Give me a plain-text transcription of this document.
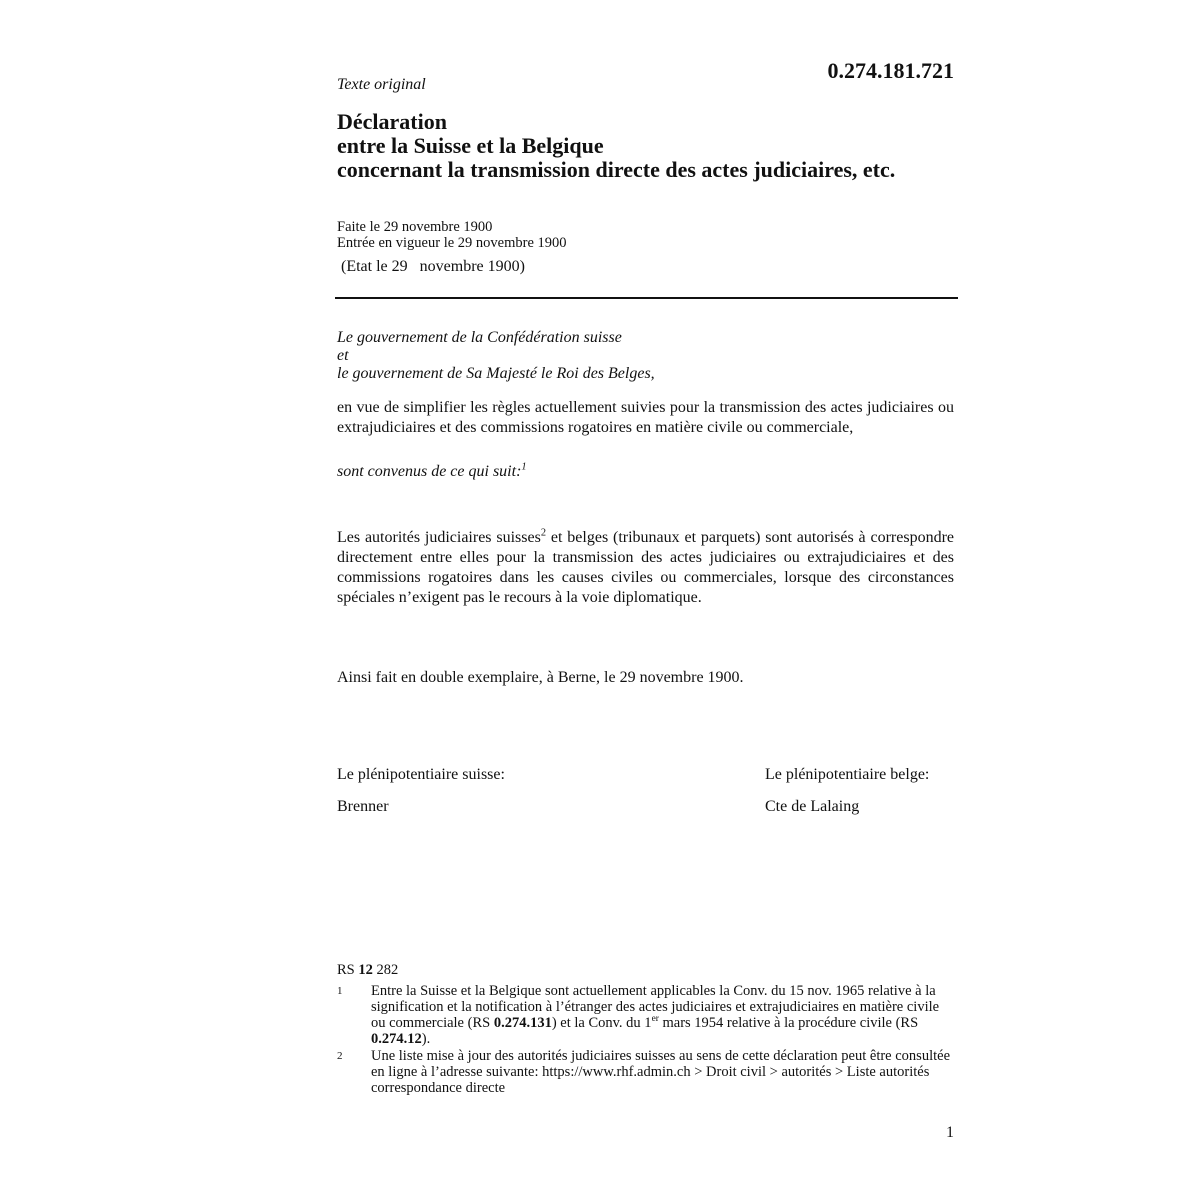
0.274.181.721
Texte original
Déclaration
entre la Suisse et la Belgique
concernant la transmission directe des actes judiciaires, etc.
Faite le 29 novembre 1900
Entrée en vigueur le 29 novembre 1900
(Etat le 29   novembre 1900)
Le gouvernement de la Confédération suisse
et
le gouvernement de Sa Majesté le Roi des Belges,
en vue de simplifier les règles actuellement suivies pour la transmission des actes judiciaires ou extrajudiciaires et des commissions rogatoires en matière civile ou commerciale,
sont convenus de ce qui suit:$^1$
Les autorités judiciaires suisses$^2$ et belges (tribunaux et parquets) sont autorisés à correspondre directement entre elles pour la transmission des actes judiciaires ou extrajudiciaires et des commissions rogatoires dans les causes civiles ou commerciales, lorsque des circonstances spéciales n’exigent pas le recours à la voie diplomatique.
Ainsi fait en double exemplaire, à Berne, le 29 novembre 1900.
Le plénipotentiaire suisse:
Brenner
Le plénipotentiaire belge:
Cte de Lalaing
RS 12 282
1	Entre la Suisse et la Belgique sont actuellement applicables la Conv. du 15 nov. 1965 relative à la signification et la notification à l’étranger des actes judiciaires et extrajudiciaires en matière civile ou commerciale (RS 0.274.131) et la Conv. du 1er mars 1954 relative à la procédure civile (RS 0.274.12).
2	Une liste mise à jour des autorités judiciaires suisses au sens de cette déclaration peut être consultée en ligne à l’adresse suivante: https://www.rhf.admin.ch > Droit civil > autorités > Liste autorités correspondance directe
1
